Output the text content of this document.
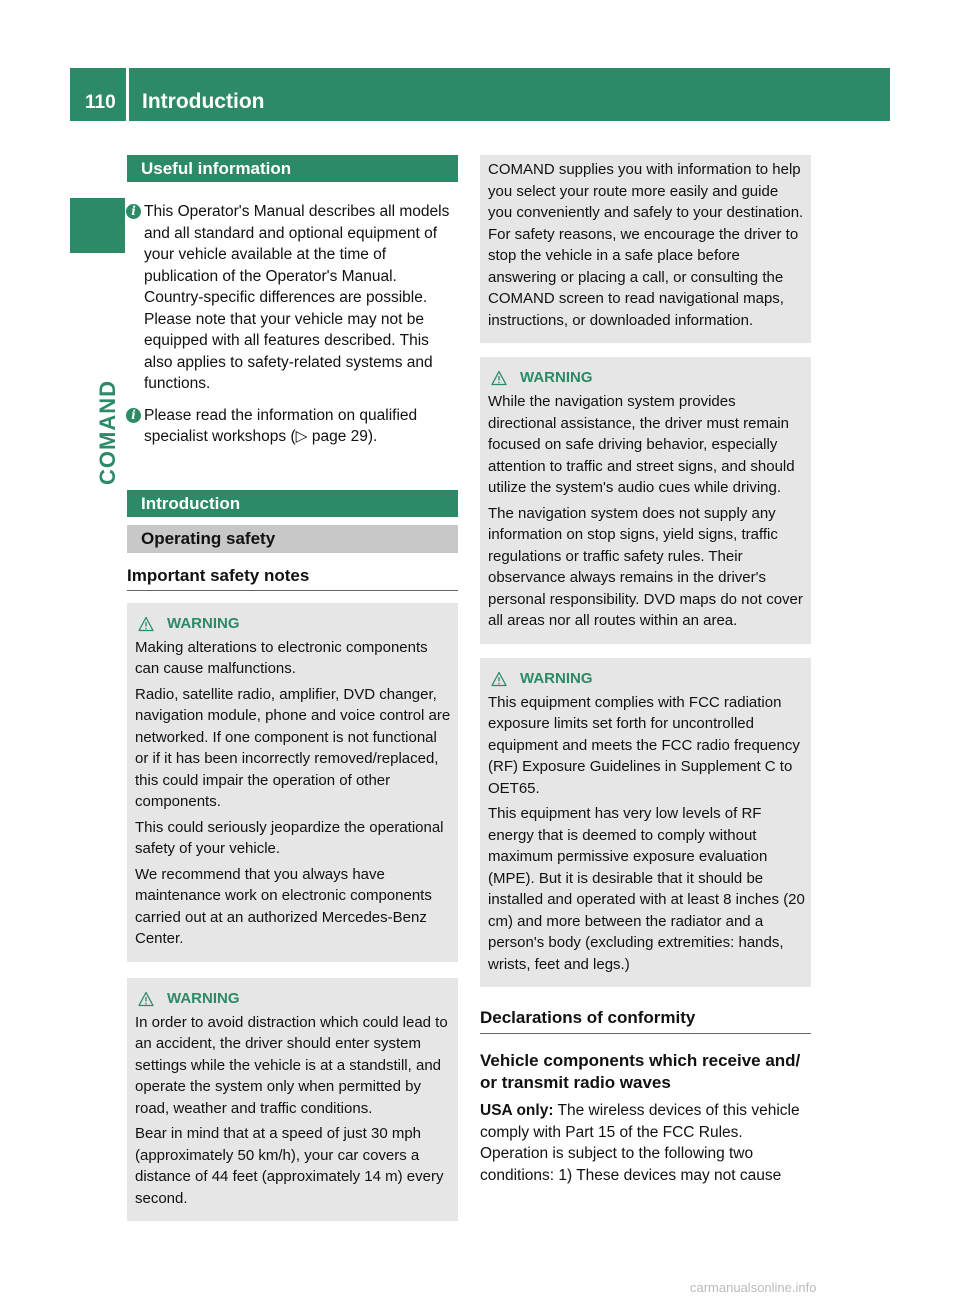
110 Introduction
COMAND
Useful information
i This Operator's Manual describes all models and all standard and optional equipment of your vehicle available at the time of publication of the Operator's Manual. Country-specific differences are possible. Please note that your vehicle may not be equipped with all features described. This also applies to safety-related systems and functions.
i Please read the information on qualified specialist workshops (▷ page 29).
Introduction
Operating safety

Important safety notes

WARNING

Making alterations to electronic components can cause malfunctions.

Radio, satellite radio, amplifier, DVD changer, navigation module, phone and voice control are networked. If one component is not functional or if it has been incorrectly removed/replaced, this could impair the operation of other components.

This could seriously jeopardize the operational safety of your vehicle.

We recommend that you always have maintenance work on electronic components carried out at an authorized Mercedes-Benz Center.

WARNING

In order to avoid distraction which could lead to an accident, the driver should enter system settings while the vehicle is at a standstill, and operate the system only when permitted by road, weather and traffic conditions.

Bear in mind that at a speed of just 30 mph (approximately 50 km/h), your car covers a distance of 44 feet (approximately 14 m) every second.

COMAND supplies you with information to help you select your route more easily and guide you conveniently and safely to your destination. For safety reasons, we encourage the driver to stop the vehicle in a safe place before answering or placing a call, or consulting the COMAND screen to read navigational maps, instructions, or downloaded information.

WARNING

While the navigation system provides directional assistance, the driver must remain focused on safe driving behavior, especially attention to traffic and street signs, and should utilize the system's audio cues while driving.

The navigation system does not supply any information on stop signs, yield signs, traffic regulations or traffic safety rules. Their observance always remains in the driver's personal responsibility. DVD maps do not cover all areas nor all routes within an area.

WARNING

This equipment complies with FCC radiation exposure limits set forth for uncontrolled equipment and meets the FCC radio frequency (RF) Exposure Guidelines in Supplement C to OET65.

This equipment has very low levels of RF energy that is deemed to comply without maximum permissive exposure evaluation (MPE). But it is desirable that it should be installed and operated with at least 8 inches (20 cm) and more between the radiator and a person's body (excluding extremities: hands, wrists, feet and legs.)

Declarations of conformity

Vehicle components which receive and/ or transmit radio waves

USA only: The wireless devices of this vehicle comply with Part 15 of the FCC Rules. Operation is subject to the following two conditions: 1) These devices may not cause

carmanualsonline.info
